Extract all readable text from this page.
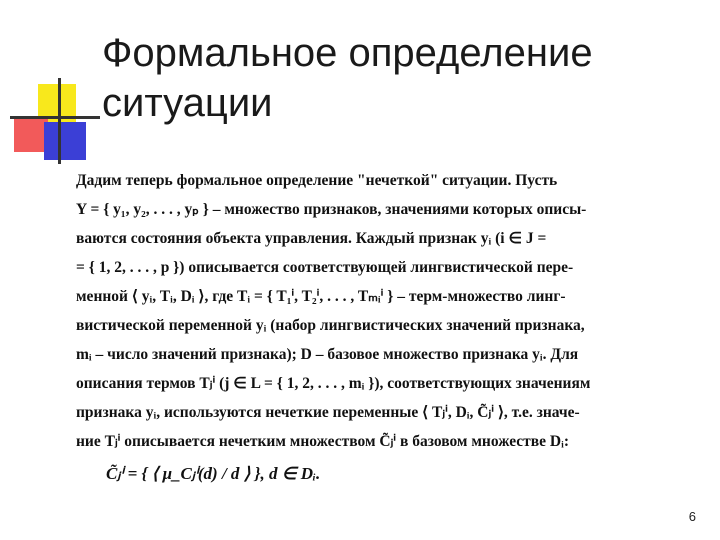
Формальное определение
ситуации
Дадим теперь формальное определение "нечеткой" ситуации. Пусть
Y = { y₁, y₂, . . . , yₚ } – множество признаков, значениями которых описы-
ваются состояния объекта управления. Каждый признак yᵢ (i ∈ J =
= { 1, 2, . . . , p }) описывается соответствующей лингвистической пере-
менной ⟨ yᵢ, Tᵢ, Dᵢ ⟩, где Tᵢ = { T₁ⁱ, T₂ⁱ, . . . , Tₘᵢⁱ } – терм-множество линг-
вистической переменной yᵢ (набор лингвистических значений признака,
mᵢ – число значений признака); D – базовое множество признака yᵢ. Для
описания термов Tⱼⁱ (j ∈ L = { 1, 2, . . . , mᵢ }), соответствующих значениям
признака yᵢ, используются нечеткие переменные ⟨ Tⱼⁱ, Dᵢ, C̃ⱼⁱ ⟩, т.е. значе-
ние Tⱼⁱ описывается нечетким множеством C̃ⱼⁱ в базовом множестве Dᵢ:
C̃ⱼⁱ = { ⟨ μ_Cⱼⁱ(d) / d ⟩ }, d ∈ Dᵢ.
6
